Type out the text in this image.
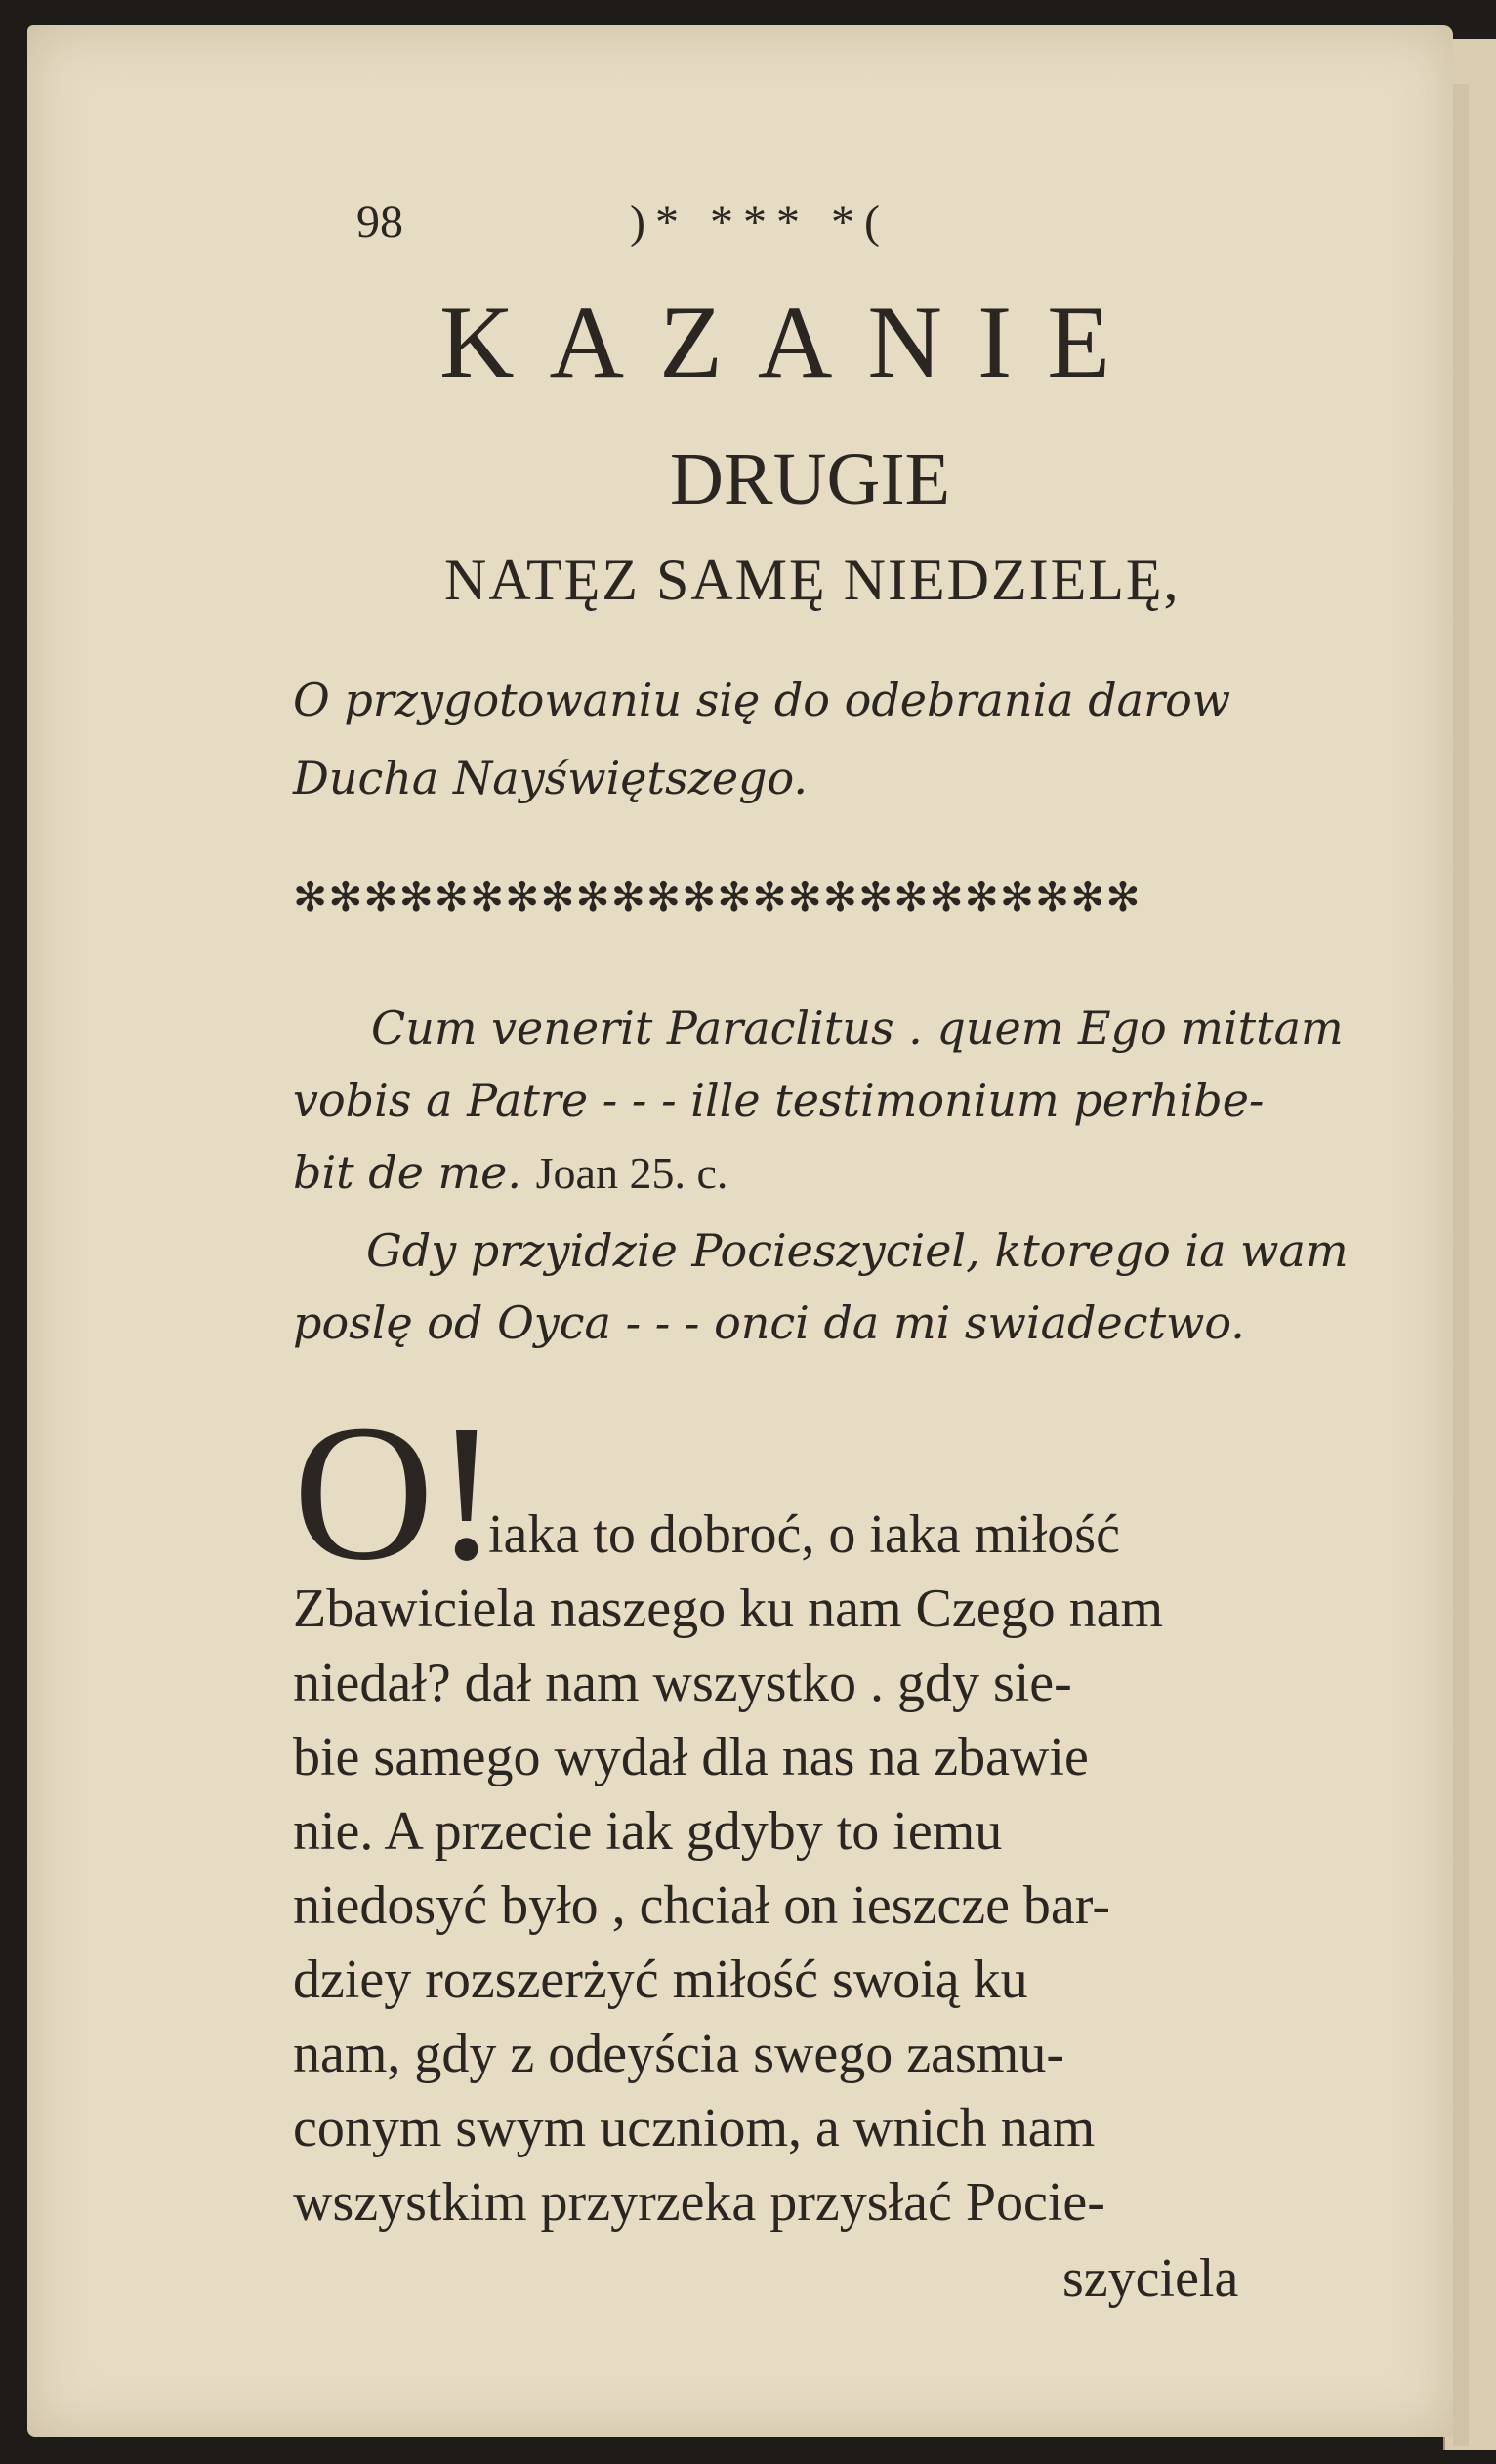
98	)* *** *(
KAZANIE
DRUGIE
NATĘZ SAMĘ NIEDZIELĘ,
O przygotowaniu się do odebrania darow
Ducha Nayświętszego.
✻✻✻✻✻✻✻✻✻✻✻✻✻✻✻✻✻✻✻✻✻✻✻✻
Cum venerit Paraclitus . quem Ego mittam
vobis a Patre - - - ille testimonium perhibe-
bit de me. Joan 25. c.
Gdy przyidzie Pocieszyciel, ktorego ia wam
poslę od Oyca - - - onci da mi swiadectwo.
O!
iaka to dobroć, o iaka miłość
Zbawiciela naszego ku nam Czego nam
niedał? dał nam wszystko . gdy sie-
bie samego wydał dla nas na zbawie
nie. A przecie iak gdyby to iemu
niedosyć było , chciał on ieszcze bar-
dziey rozszerżyć miłość swoią ku
nam, gdy z odeyścia swego zasmu-
conym swym uczniom, a wnich nam
wszystkim przyrzeka przysłać Pocie-
szyciela
